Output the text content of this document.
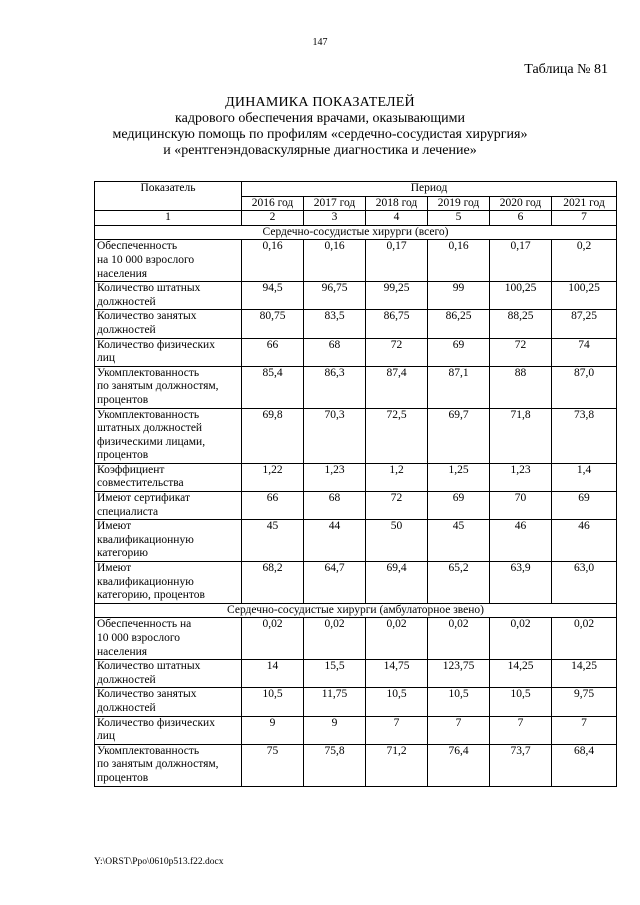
147
Таблица № 81
ДИНАМИКА ПОКАЗАТЕЛЕЙ
кадрового обеспечения врачами, оказывающими
медицинскую помощь по профилям «сердечно-сосудистая хирургия»
и «рентгенэндоваскулярные диагностика и лечение»
Показатель	Период					
	2016 год	2017 год	2018 год	2019 год	2020 год	2021 год
1	2	3	4	5	6	7
Сердечно-сосудистые хирурги (всего)						

Обеспеченность
на 10 000 взрослого
населения	0,16	0,16	0,17	0,16	0,17	0,2

Количество штатных
должностей	94,5	96,75	99,25	99	100,25	100,25

Количество занятых
должностей	80,75	83,5	86,75	86,25	88,25	87,25

Количество физических
лиц	66	68	72	69	72	74

Укомплектованность
по занятым должностям,
процентов	85,4	86,3	87,4	87,1	88	87,0

Укомплектованность
штатных должностей
физическими лицами,
процентов	69,8	70,3	72,5	69,7	71,8	73,8

Коэффициент
совместительства	1,22	1,23	1,2	1,25	1,23	1,4

Имеют сертификат
специалиста	66	68	72	69	70	69

Имеют
квалификационную
категорию	45	44	50	45	46	46

Имеют
квалификационную
категорию, процентов	68,2	64,7	69,4	65,2	63,9	63,0
Сердечно-сосудистые хирурги (амбулаторное звено)						

Обеспеченность на
10 000 взрослого
населения	0,02	0,02	0,02	0,02	0,02	0,02

Количество штатных
должностей	14	15,5	14,75	123,75	14,25	14,25

Количество занятых
должностей	10,5	11,75	10,5	10,5	10,5	9,75

Количество физических
лиц	9	9	7	7	7	7

Укомплектованность
по занятым должностям,
процентов	75	75,8	71,2	76,4	73,7	68,4
Y:\ORST\Ppo\0610p513.f22.docx
